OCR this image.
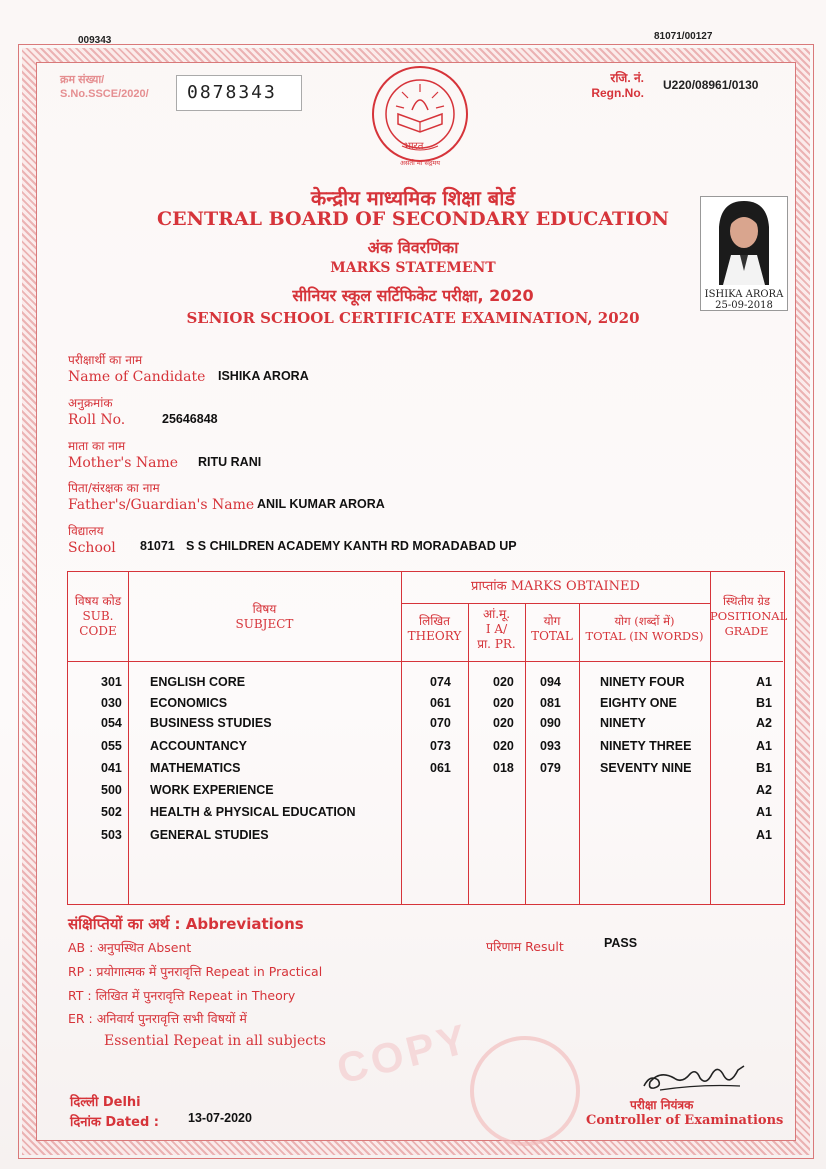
009343	81071/00127
क्रम संख्या/
S.No.SSCE/2020/	0878343
रजि. नं.
Regn.No.
U220/08961/0130
भारत
असतो मा सद्गमय
केन्द्रीय माध्यमिक शिक्षा बोर्ड
CENTRAL BOARD OF SECONDARY EDUCATION
अंक विवरणिका
MARKS STATEMENT
सीनियर स्कूल सर्टिफिकेट परीक्षा, 2020
SENIOR SCHOOL CERTIFICATE EXAMINATION, 2020
ISHIKA ARORA
25-09-2018
परीक्षार्थी का नाम
Name of Candidate ISHIKA ARORA
अनुक्रमांक
Roll No.	25646848
माता का नाम
Mother's Name RITU RANI
पिता/संरक्षक का नाम
Father's/Guardian's Name ANIL KUMAR ARORA
विद्यालय
School 81071 S S CHILDREN ACADEMY KANTH RD MORADABAD UP
विषय कोड
SUB.
CODE
विषय
SUBJECT
प्राप्तांक MARKS OBTAINED
लिखित
THEORY
आं.मू.
I A/
प्रा. PR.
योग
TOTAL
योग (शब्दों में)
TOTAL (IN WORDS)
स्थितीय ग्रेड
POSITIONAL
GRADE
301 ENGLISH CORE	074	020 094	NINETY FOUR	A1
030 ECONOMICS	061	020 081	EIGHTY ONE	B1
054 BUSINESS STUDIES	070	020 090	NINETY	A2
055 ACCOUNTANCY	073	020 093	NINETY THREE	A1
041 MATHEMATICS	061	018 079	SEVENTY NINE	B1
500 WORK EXPERIENCE	A2
502 HEALTH & PHYSICAL EDUCATION	A1
503 GENERAL STUDIES	A1
संक्षिप्तियों का अर्थ : Abbreviations
AB : अनुपस्थित Absent
RP : प्रयोगात्मक में पुनरावृत्ति Repeat in Practical
RT : लिखित में पुनरावृत्ति Repeat in Theory
ER : अनिवार्य पुनरावृत्ति सभी विषयों में
Essential Repeat in all subjects
परिणाम Result	PASS
COPY
दिल्ली Delhi
दिनांक Dated : 13-07-2020
परीक्षा नियंत्रक
Controller of Examinations
